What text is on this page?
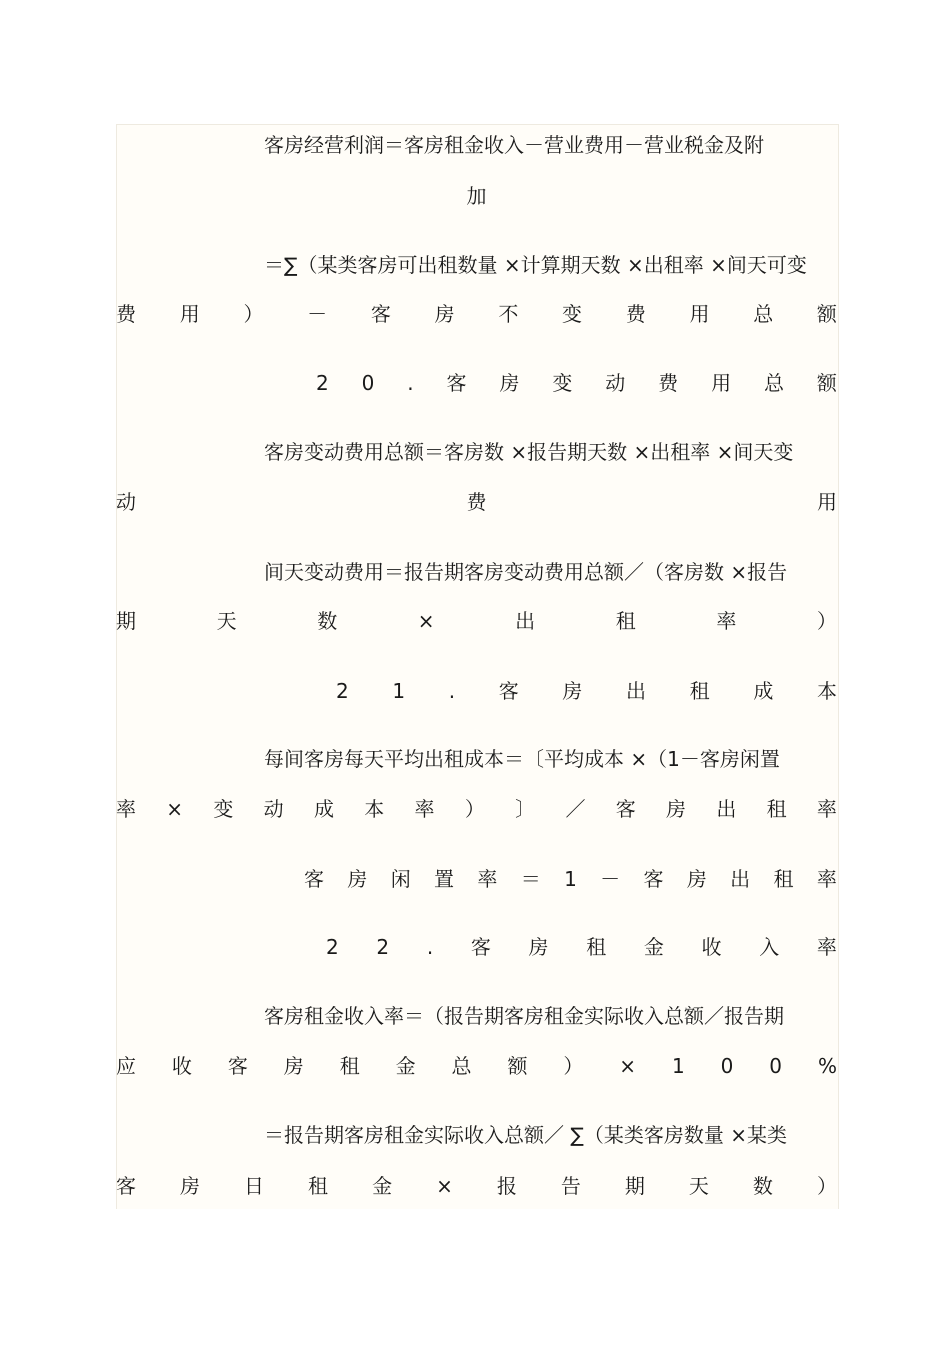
客房经营利润＝客房租金收入－营业费用－营业税金及附
加
＝∑（某类客房可出租数量 ×计算期天数 ×出租率 ×间天可变
费 用 ） － 客 房 不 变 费 用 总 额
2 0 . 客 房 变 动 费 用 总 额
客房变动费用总额＝客房数 ×报告期天数 ×出租率 ×间天变
动	费	用
间天变动费用＝报告期客房变动费用总额／（客房数 ×报告
期	天	数	×	出	租	率	）
2 1 . 客 房 出 租 成 本
每间客房每天平均出租成本＝〔平均成本 ×（1－客房闲置
率 × 变 动 成 本 率 ） 〕 ／ 客 房 出 租 率
客 房 闲 置 率 ＝ 1 － 客 房 出 租 率
2 2 . 客 房 租 金 收 入 率
客房租金收入率＝（报告期客房租金实际收入总额／报告期
应 收 客 房 租 金 总 额 ） × 1 0 0 %
＝报告期客房租金实际收入总额／ ∑（某类客房数量 ×某类
客 房 日 租 金 × 报 告 期 天 数 ）
